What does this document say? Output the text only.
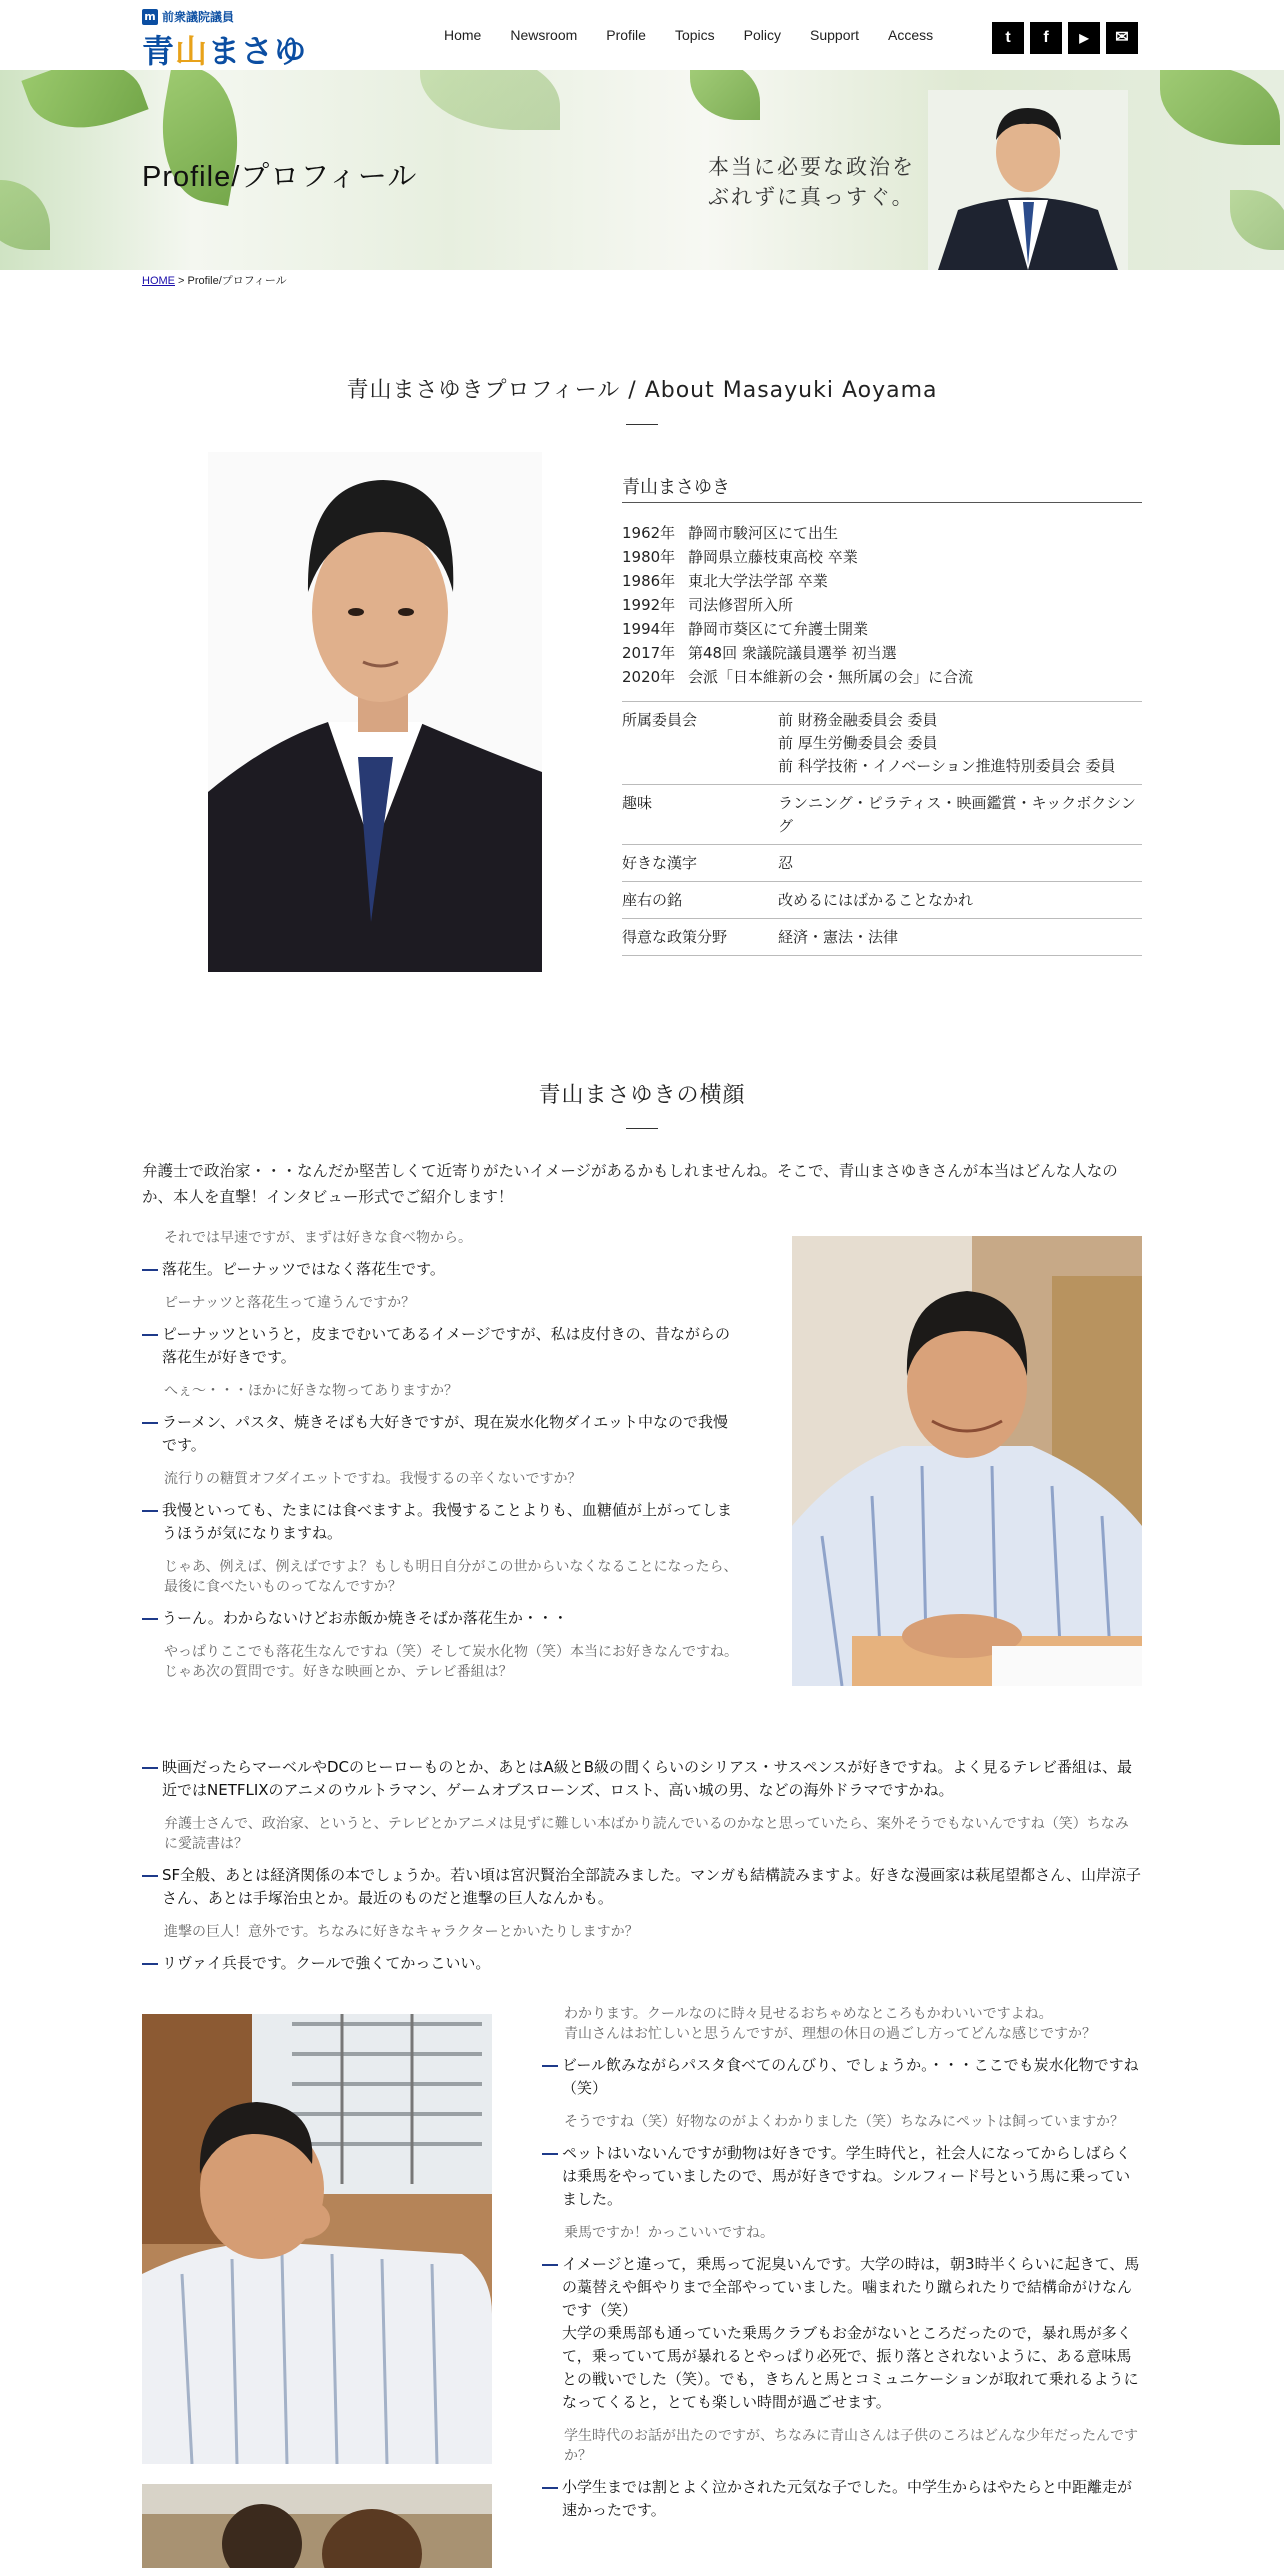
m 前衆議院議員
青山まさゆ	Home Newsroom Profile Topics Policy Support Access	t	f	▶	✉
Profile/プロフィール	本当に必要な政治を
ぶれずに真っすぐ。
HOME > Profile/プロフィール
青山まさゆきプロフィール / About Masayuki Aoyama
青山まさゆき
1962年 静岡市駿河区にて出生
1980年 静岡県立藤枝東高校 卒業
1986年 東北大学法学部 卒業
1992年 司法修習所入所
1994年 静岡市葵区にて弁護士開業
2017年 第48回 衆議院議員選挙 初当選
2020年 会派「日本維新の会・無所属の会」に合流
所属委員会	前 財務金融委員会 委員
前 厚生労働委員会 委員
前 科学技術・イノベーション推進特別委員会 委員
趣味	ランニング・ピラティス・映画鑑賞・キックボクシング
好きな漢字	忍
座右の銘	改めるにはばかることなかれ
得意な政策分野	経済・憲法・法律
青山まさゆきの横顔
弁護士で政治家・・・なんだか堅苦しくて近寄りがたいイメージがあるかもしれませんね。そこで、青山まさゆきさんが本当はどんな人なのか、本人を直撃！インタビュー形式でご紹介します！
それでは早速ですが、まずは好きな食べ物から。
落花生。ピーナッツではなく落花生です。
ピーナッツと落花生って違うんですか？
ピーナッツというと，皮までむいてあるイメージですが、私は皮付きの、昔ながらの落花生が好きです。
へぇ～・・・ほかに好きな物ってありますか？
ラーメン、パスタ、焼きそばも大好きですが、現在炭水化物ダイエット中なので我慢です。
流行りの糖質オフダイエットですね。我慢するの辛くないですか？
我慢といっても、たまには食べますよ。我慢することよりも、血糖値が上がってしまうほうが気になりますね。
じゃあ、例えば、例えばですよ？もしも明日自分がこの世からいなくなることになったら、最後に食べたいものってなんですか？
うーん。わからないけどお赤飯か焼きそばか落花生か・・・
やっぱりここでも落花生なんですね（笑）そして炭水化物（笑）本当にお好きなんですね。
じゃあ次の質問です。好きな映画とか、テレビ番組は？
映画だったらマーベルやDCのヒーローものとか、あとはA級とB級の間くらいのシリアス・サスペンスが好きですね。よく見るテレビ番組は、最近ではNETFLIXのアニメのウルトラマン、ゲームオブスローンズ、ロスト、高い城の男、などの海外ドラマですかね。
弁護士さんで、政治家、というと、テレビとかアニメは見ずに難しい本ばかり読んでいるのかなと思っていたら、案外そうでもないんですね（笑）ちなみに愛読書は？
SF全般、あとは経済関係の本でしょうか。若い頃は宮沢賢治全部読みました。マンガも結構読みますよ。好きな漫画家は萩尾望都さん、山岸涼子さん、あとは手塚治虫とか。最近のものだと進撃の巨人なんかも。
進撃の巨人！意外です。ちなみに好きなキャラクターとかいたりしますか？
リヴァイ兵長です。クールで強くてかっこいい。
わかります。クールなのに時々見せるおちゃめなところもかわいいですよね。
青山さんはお忙しいと思うんですが、理想の休日の過ごし方ってどんな感じですか？
ビール飲みながらパスタ食べてのんびり、でしょうか。・・・ここでも炭水化物ですね（笑）
そうですね（笑）好物なのがよくわかりました（笑）ちなみにペットは飼っていますか？
ペットはいないんですが動物は好きです。学生時代と，社会人になってからしばらくは乗馬をやっていましたので、馬が好きですね。シルフィード号という馬に乗っていました。
乗馬ですか！かっこいいですね。
イメージと違って，乗馬って泥臭いんです。大学の時は，朝3時半くらいに起きて、馬の藁替えや餌やりまで全部やっていました。噛まれたり蹴られたりで結構命がけなんです（笑）
大学の乗馬部も通っていた乗馬クラブもお金がないところだったので，暴れ馬が多くて，乗っていて馬が暴れるとやっぱり必死で、振り落とされないように、ある意味馬との戦いでした（笑）。でも，きちんと馬とコミュニケーションが取れて乗れるようになってくると，とても楽しい時間が過ごせます。
学生時代のお話が出たのですが、ちなみに青山さんは子供のころはどんな少年だったんですか？
小学生までは割とよく泣かされた元気な子でした。中学生からはやたらと中距離走が速かったです。
